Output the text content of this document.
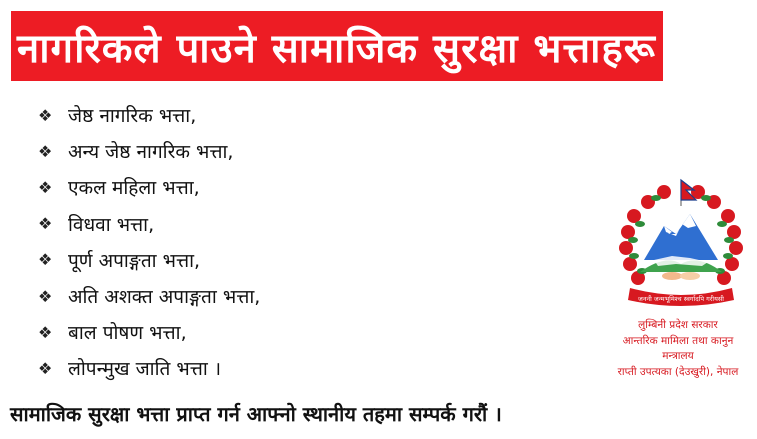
नागरिकले पाउने सामाजिक सुरक्षा भत्ताहरू
❖ जेष्ठ नागरिक भत्ता,
❖ अन्य जेष्ठ नागरिक भत्ता,
❖ एकल महिला भत्ता,
❖ विधवा भत्ता,
❖ पूर्ण अपाङ्गता भत्ता,
❖ अति अशक्त अपाङ्गता भत्ता,
❖ बाल पोषण भत्ता,
❖ लोपन्मुख जाति भत्ता ।
जननी जन्मभूमिश्च स्वर्गादपि गरीयसी
लुम्बिनी प्रदेश सरकार
आन्तरिक मामिला तथा कानुन
मन्त्रालय
राप्ती उपत्यका (देउखुरी), नेपाल
सामाजिक सुरक्षा भत्ता प्राप्त गर्न आफ्नो स्थानीय तहमा सम्पर्क गरौं ।
